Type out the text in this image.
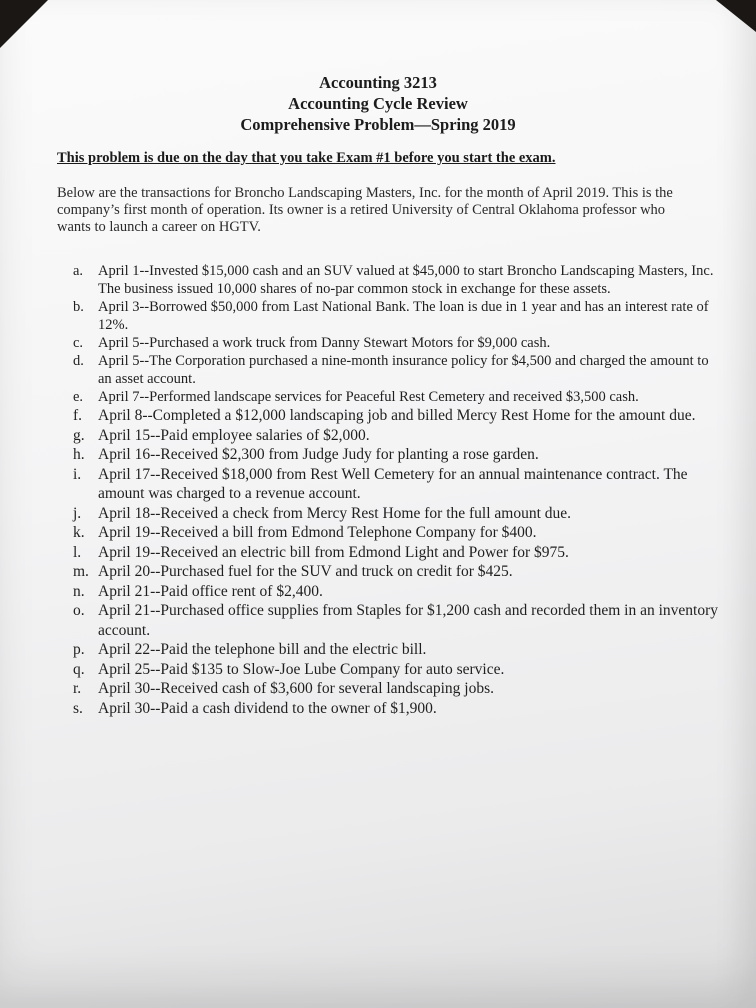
Accounting 3213
Accounting Cycle Review
Comprehensive Problem—Spring 2019
This problem is due on the day that you take Exam #1 before you start the exam.
Below are the transactions for Broncho Landscaping Masters, Inc. for the month of April 2019. This is the company’s first month of operation. Its owner is a retired University of Central Oklahoma professor who wants to launch a career on HGTV.
a. April 1--Invested $15,000 cash and an SUV valued at $45,000 to start Broncho Landscaping Masters, Inc. The business issued 10,000 shares of no-par common stock in exchange for these assets.
b. April 3--Borrowed $50,000 from Last National Bank. The loan is due in 1 year and has an interest rate of 12%.
c. April 5--Purchased a work truck from Danny Stewart Motors for $9,000 cash.
d. April 5--The Corporation purchased a nine-month insurance policy for $4,500 and charged the amount to an asset account.
e. April 7--Performed landscape services for Peaceful Rest Cemetery and received $3,500 cash.
f. April 8--Completed a $12,000 landscaping job and billed Mercy Rest Home for the amount due.
g. April 15--Paid employee salaries of $2,000.
h. April 16--Received $2,300 from Judge Judy for planting a rose garden.
i. April 17--Received $18,000 from Rest Well Cemetery for an annual maintenance contract. The amount was charged to a revenue account.
j. April 18--Received a check from Mercy Rest Home for the full amount due.
k. April 19--Received a bill from Edmond Telephone Company for $400.
l. April 19--Received an electric bill from Edmond Light and Power for $975.
m. April 20--Purchased fuel for the SUV and truck on credit for $425.
n. April 21--Paid office rent of $2,400.
o. April 21--Purchased office supplies from Staples for $1,200 cash and recorded them in an inventory account.
p. April 22--Paid the telephone bill and the electric bill.
q. April 25--Paid $135 to Slow-Joe Lube Company for auto service.
r. April 30--Received cash of $3,600 for several landscaping jobs.
s. April 30--Paid a cash dividend to the owner of $1,900.
